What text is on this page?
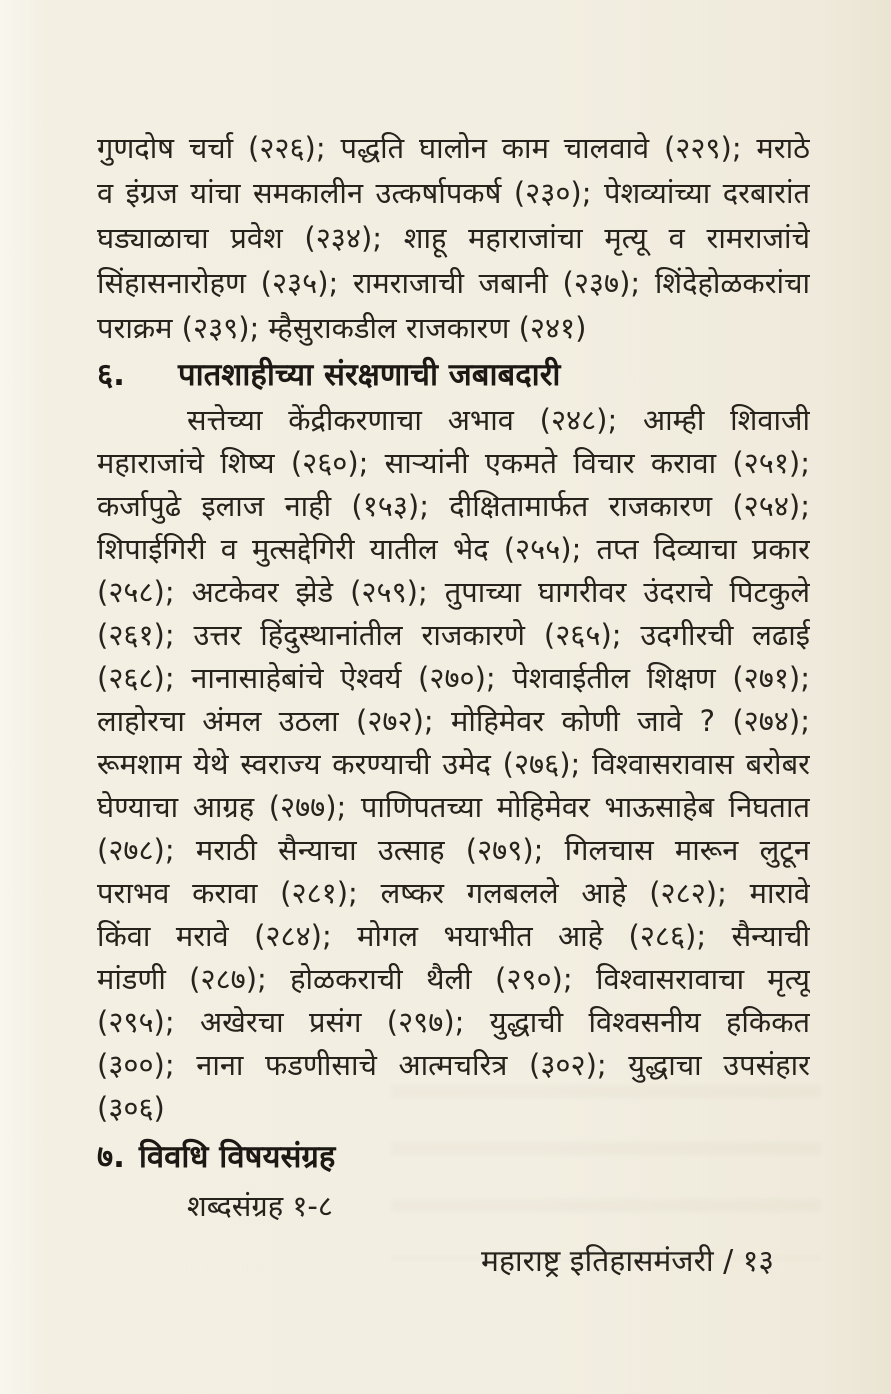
गुणदोष चर्चा (२२६); पद्धति घालोन काम चालवावे (२२९); मराठे
व इंग्रज यांचा समकालीन उत्कर्षापकर्ष (२३०); पेशव्यांच्या दरबारांत
घड्याळाचा प्रवेश (२३४); शाहू महाराजांचा मृत्यू व रामराजांचे
सिंहासनारोहण (२३५); रामराजाची जबानी (२३७); शिंदेहोळकरांचा
पराक्रम (२३९); म्हैसुराकडील राजकारण (२४१)
६.	पातशाहीच्या संरक्षणाची जबाबदारी
सत्तेच्या केंद्रीकरणाचा अभाव (२४८); आम्ही शिवाजी
महाराजांचे शिष्य (२६०); साऱ्यांनी एकमते विचार करावा (२५१);
कर्जापुढे इलाज नाही (१५३); दीक्षितामार्फत राजकारण (२५४);
शिपाईगिरी व मुत्सद्देगिरी यातील भेद (२५५); तप्त दिव्याचा प्रकार
(२५८); अटकेवर झेडे (२५९); तुपाच्या घागरीवर उंदराचे पिटकुले
(२६१); उत्तर हिंदुस्थानांतील राजकारणे (२६५); उदगीरची लढाई
(२६८); नानासाहेबांचे ऐश्वर्य (२७०); पेशवाईतील शिक्षण (२७१);
लाहोरचा अंमल उठला (२७२); मोहिमेवर कोणी जावे ? (२७४);
रूमशाम येथे स्वराज्य करण्याची उमेद (२७६); विश्वासरावास बरोबर
घेण्याचा आग्रह (२७७); पाणिपतच्या मोहिमेवर भाऊसाहेब निघतात
(२७८); मराठी सैन्याचा उत्साह (२७९); गिलचास मारून लुटून
पराभव करावा (२८१); लष्कर गलबलले आहे (२८२); मारावे
किंवा मरावे (२८४); मोगल भयाभीत आहे (२८६); सैन्याची
मांडणी (२८७); होळकराची थैली (२९०); विश्वासरावाचा मृत्यू
(२९५); अखेरचा प्रसंग (२९७); युद्धाची विश्वसनीय हकिकत
(३००); नाना फडणीसाचे आत्मचरित्र (३०२); युद्धाचा उपसंहार
(३०६)
७. विवधि विषयसंग्रह
शब्दसंग्रह १-८
महाराष्ट्र इतिहासमंजरी / १३
